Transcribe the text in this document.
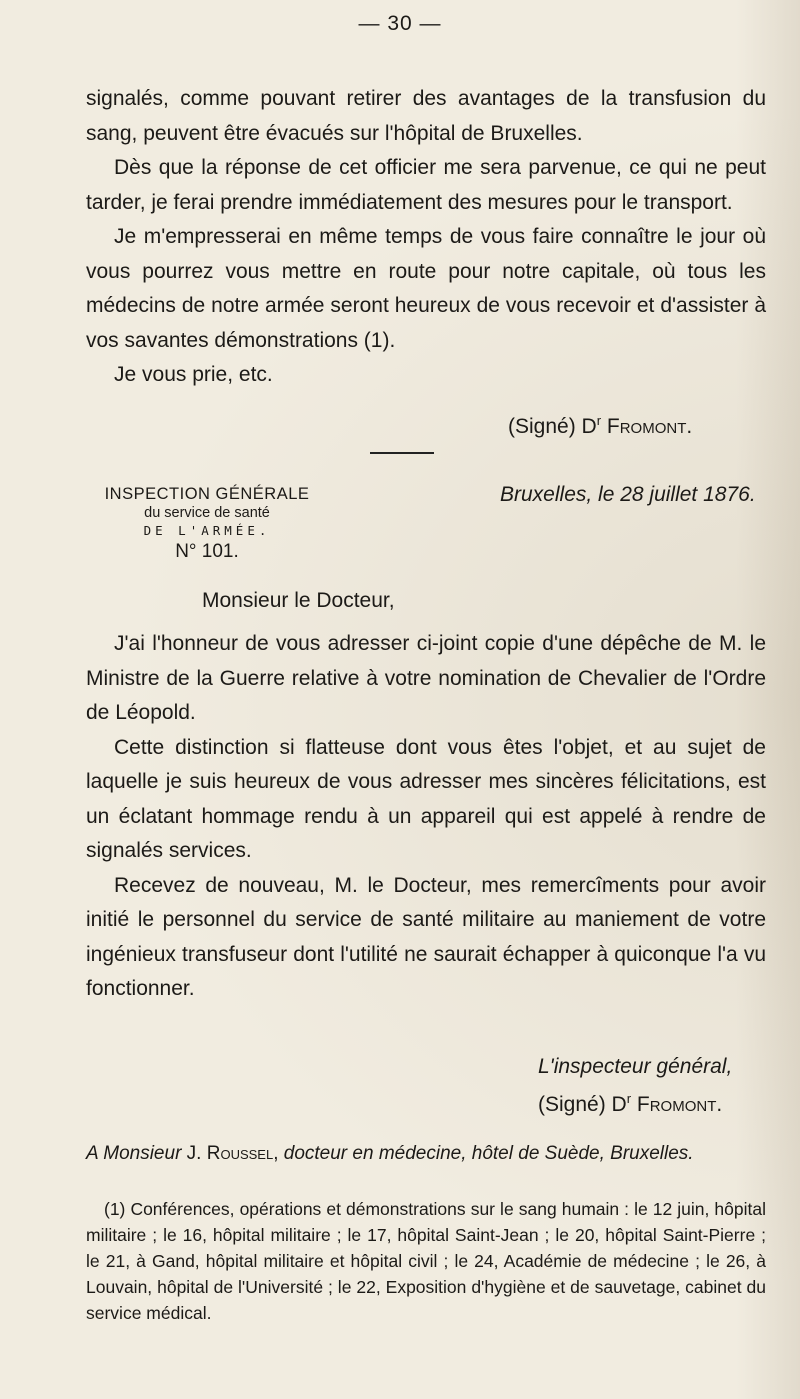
— 30 —

signalés, comme pouvant retirer des avantages de la transfusion du sang, peuvent être évacués sur l'hôpital de Bruxelles.

Dès que la réponse de cet officier me sera parvenue, ce qui ne peut tarder, je ferai prendre immédiatement des mesures pour le transport.

Je m'empresserai en même temps de vous faire connaître le jour où vous pourrez vous mettre en route pour notre capitale, où tous les médecins de notre armée seront heureux de vous recevoir et d'assister à vos savantes démonstrations (1).

Je vous prie, etc.

(Signé) $D^r$ Fromont.
INSPECTION GÉNÉRALE
du service de santé
DE L'ARMÉE.
N° 101.
Bruxelles, le 28 juillet 1876.
Monsieur le Docteur,

J'ai l'honneur de vous adresser ci-joint copie d'une dépêche de M. le Ministre de la Guerre relative à votre nomination de Chevalier de l'Ordre de Léopold.

Cette distinction si flatteuse dont vous êtes l'objet, et au sujet de laquelle je suis heureux de vous adresser mes sincères félicitations, est un éclatant hommage rendu à un appareil qui est appelé à rendre de signalés services.

Recevez de nouveau, M. le Docteur, mes remercîments pour avoir initié le personnel du service de santé militaire au maniement de votre ingénieux transfuseur dont l'utilité ne saurait échapper à quiconque l'a vu fonctionner.

L'inspecteur général,
(Signé) $D^r$ Fromont.
A Monsieur J. Roussel, docteur en médecine, hôtel de Suède, Bruxelles.

(1) Conférences, opérations et démonstrations sur le sang humain : le 12 juin, hôpital militaire ; le 16, hôpital militaire ; le 17, hôpital Saint-Jean ; le 20, hôpital Saint-Pierre ; le 21, à Gand, hôpital militaire et hôpital civil ; le 24, Académie de médecine ; le 26, à Louvain, hôpital de l'Université ; le 22, Exposition d'hygiène et de sauvetage, cabinet du service médical.
